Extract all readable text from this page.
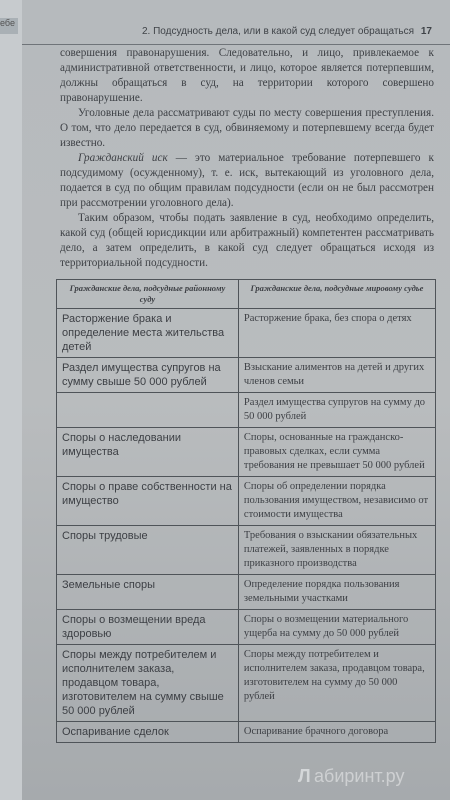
ебе
2. Подсудность дела, или в какой суд следует обращаться 17

совершения правонарушения. Следовательно, и лицо, привлекаемое к административной ответственности, и лицо, которое является потерпевшим, должны обращаться в суд, на территории которого совершено правонарушение.

Уголовные дела рассматривают суды по месту совершения преступления. О том, что дело передается в суд, обвиняемому и потерпевшему всегда будет известно.

Гражданский иск — это материальное требование потерпевшего к подсудимому (осужденному), т. е. иск, вытекающий из уголовного дела, подается в суд по общим правилам подсудности (если он не был рассмотрен при рассмотрении уголовного дела).

Таким образом, чтобы подать заявление в суд, необходимо определить, какой суд (общей юрисдикции или арбитражный) компетентен рассматривать дело, а затем определить, в какой суд следует обращаться исходя из территориальной подсудности.

Гражданские дела, подсудные районному суду	Гражданские дела, подсудные мировому судье
Расторжение брака и определение места жительства детей	Расторжение брака, без спора о детях
Раздел имущества супругов на сумму свыше 50 000 рублей	Взыскание алиментов на детей и других членов семьи
	Раздел имущества супругов на сумму до 50 000 рублей
Споры о наследовании имущества	Споры, основанные на гражданско-правовых сделках, если сумма требования не превышает 50 000 рублей
Споры о праве собственности на имущество	Споры об определении порядка пользования имуществом, независимо от стоимости имущества
Споры трудовые	Требования о взыскании обязательных платежей, заявленных в порядке приказного производства
Земельные споры	Определение порядка пользования земельными участками
Споры о возмещении вреда здоровью	Споры о возмещении материального ущерба на сумму до 50 000 рублей
Споры между потребителем и исполнителем заказа, продавцом товара, изготовителем на сумму свыше 50 000 рублей	Споры между потребителем и исполнителем заказа, продавцом товара, изготовителем на сумму до 50 000 рублей
Оспаривание сделок	Оспаривание брачного договора
Л абиринт.ру
